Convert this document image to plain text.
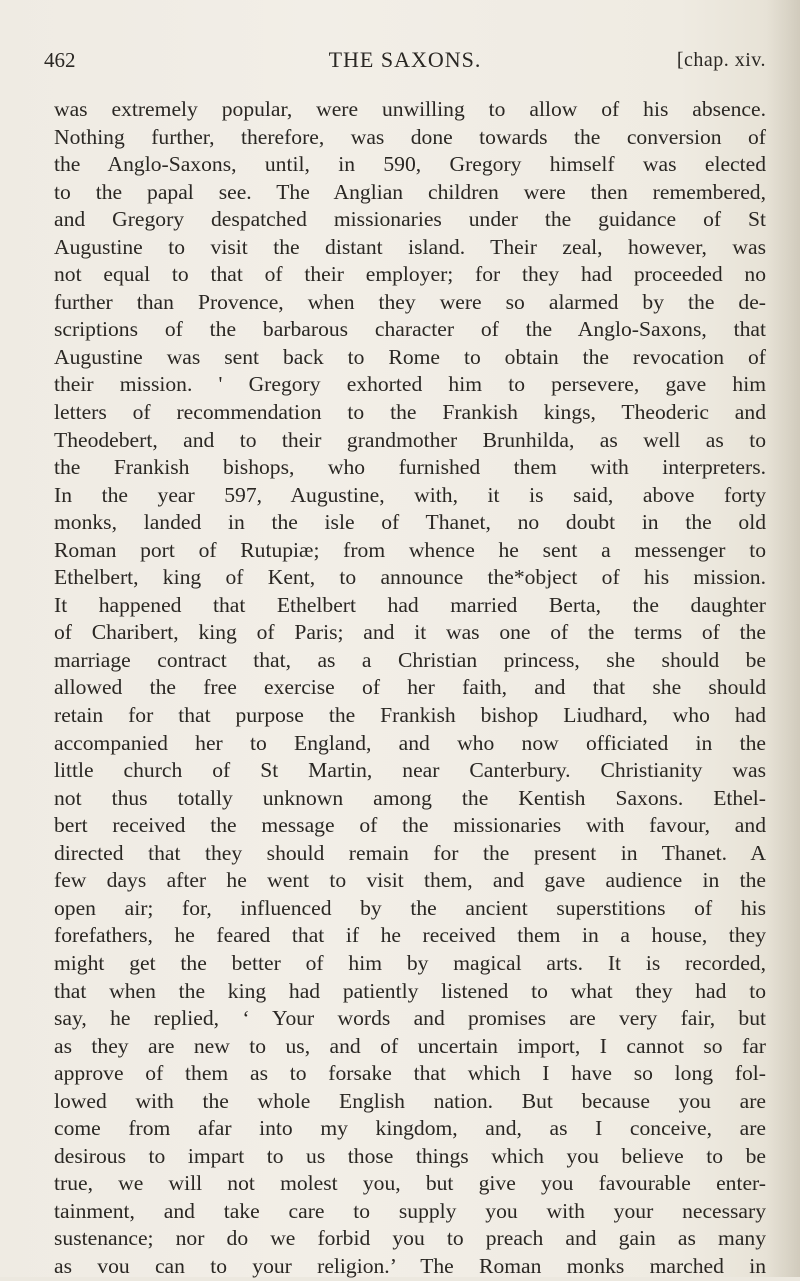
462	THE SAXONS.	[chap. xiv.
was extremely popular, were unwilling to allow of his absence.
Nothing further, therefore, was done towards the conversion of
the Anglo-Saxons, until, in 590, Gregory himself was elected
to the papal see. The Anglian children were then remembered,
and Gregory despatched missionaries under the guidance of St
Augustine to visit the distant island. Their zeal, however, was
not equal to that of their employer; for they had proceeded no
further than Provence, when they were so alarmed by the de-
scriptions of the barbarous character of the Anglo-Saxons, that
Augustine was sent back to Rome to obtain the revocation of
their mission. ' Gregory exhorted him to persevere, gave him
letters of recommendation to the Frankish kings, Theoderic and
Theodebert, and to their grandmother Brunhilda, as well as to
the Frankish bishops, who furnished them with interpreters.
In the year 597, Augustine, with, it is said, above forty
monks, landed in the isle of Thanet, no doubt in the old
Roman port of Rutupiæ; from whence he sent a messenger to
Ethelbert, king of Kent, to announce the*object of his mission.
It happened that Ethelbert had married Berta, the daughter
of Charibert, king of Paris; and it was one of the terms of the
marriage contract that, as a Christian princess, she should be
allowed the free exercise of her faith, and that she should
retain for that purpose the Frankish bishop Liudhard, who had
accompanied her to England, and who now officiated in the
little church of St Martin, near Canterbury. Christianity was
not thus totally unknown among the Kentish Saxons. Ethel-
bert received the message of the missionaries with favour, and
directed that they should remain for the present in Thanet. A
few days after he went to visit them, and gave audience in the
open air; for, influenced by the ancient superstitions of his
forefathers, he feared that if he received them in a house, they
might get the better of him by magical arts. It is recorded,
that when the king had patiently listened to what they had to
say, he replied, ‘ Your words and promises are very fair, but
as they are new to us, and of uncertain import, I cannot so far
approve of them as to forsake that which I have so long fol-
lowed with the whole English nation. But because you are
come from afar into my kingdom, and, as I conceive, are
desirous to impart to us those things which you believe to be
true, we will not molest you, but give you favourable enter-
tainment, and take care to supply you with your necessary
sustenance; nor do we forbid you to preach and gain as many
as vou can to your religion.’ The Roman monks marched in
